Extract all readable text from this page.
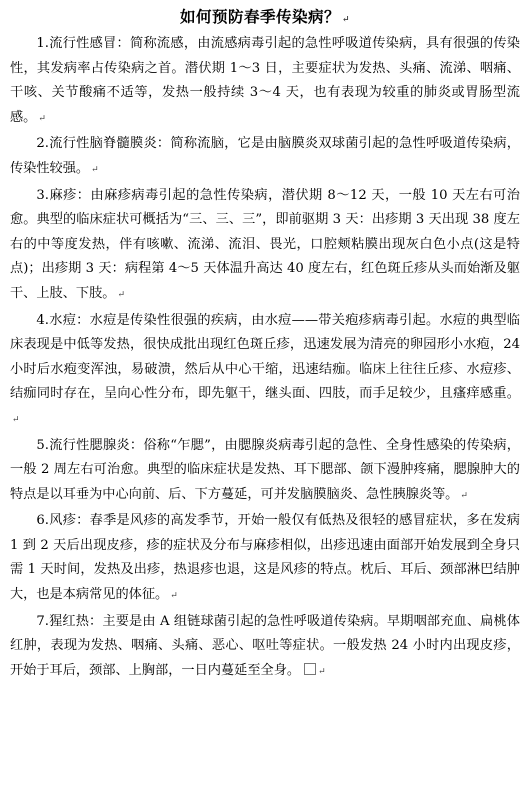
如何预防春季传染病？ ↵

1.流行性感冒：简称流感，由流感病毒引起的急性呼吸道传染病，具有很强的传染性，其发病率占传染病之首。潜伏期 1～3 日，主要症状为发热、头痛、流涕、咽痛、干咳、关节酸痛不适等，发热一般持续 3～4 天，也有表现为较重的肺炎或胃肠型流感。 ↵

2.流行性脑脊髓膜炎：简称流脑，它是由脑膜炎双球菌引起的急性呼吸道传染病，传染性较强。 ↵

3.麻疹：由麻疹病毒引起的急性传染病，潜伏期 8～12 天，一般 10 天左右可治愈。典型的临床症状可概括为“三、三、三”，即前驱期 3 天：出疹期 3 天出现 38 度左右的中等度发热，伴有咳嗽、流涕、流泪、畏光，口腔颊粘膜出现灰白色小点(这是特点)；出疹期 3 天：病程第 4～5 天体温升高达 40 度左右，红色斑丘疹从头而始渐及躯干、上肢、下肢。 ↵

4.水痘：水痘是传染性很强的疾病，由水痘——带关疱疹病毒引起。水痘的典型临床表现是中低等发热，很快成批出现红色斑丘疹，迅速发展为清亮的卵园形小水疱，24 小时后水疱变浑浊，易破溃，然后从中心干缩，迅速结痂。临床上往往丘疹、水痘疹、结痂同时存在，呈向心性分布，即先躯干，继头面、四肢，而手足较少，且瘙痒感重。↵

5.流行性腮腺炎：俗称“乍腮”，由腮腺炎病毒引起的急性、全身性感染的传染病，一般 2 周左右可治愈。典型的临床症状是发热、耳下腮部、颌下漫肿疼痛，腮腺肿大的特点是以耳垂为中心向前、后、下方蔓延，可并发脑膜脑炎、急性胰腺炎等。 ↵

6.风疹：春季是风疹的高发季节，开始一般仅有低热及很轻的感冒症状，多在发病 1 到 2 天后出现皮疹，疹的症状及分布与麻疹相似，出疹迅速由面部开始发展到全身只需 1 天时间，发热及出疹，热退疹也退，这是风疹的特点。枕后、耳后、颈部淋巴结肿大，也是本病常见的体征。 ↵

7.猩红热：主要是由 A 组链球菌引起的急性呼吸道传染病。早期咽部充血、扁桃体红肿，表现为发热、咽痛、头痛、恶心、呕吐等症状。一般发热 24 小时内出现皮疹，开始于耳后，颈部、上胸部，一日内蔓延至全身。 ↵
